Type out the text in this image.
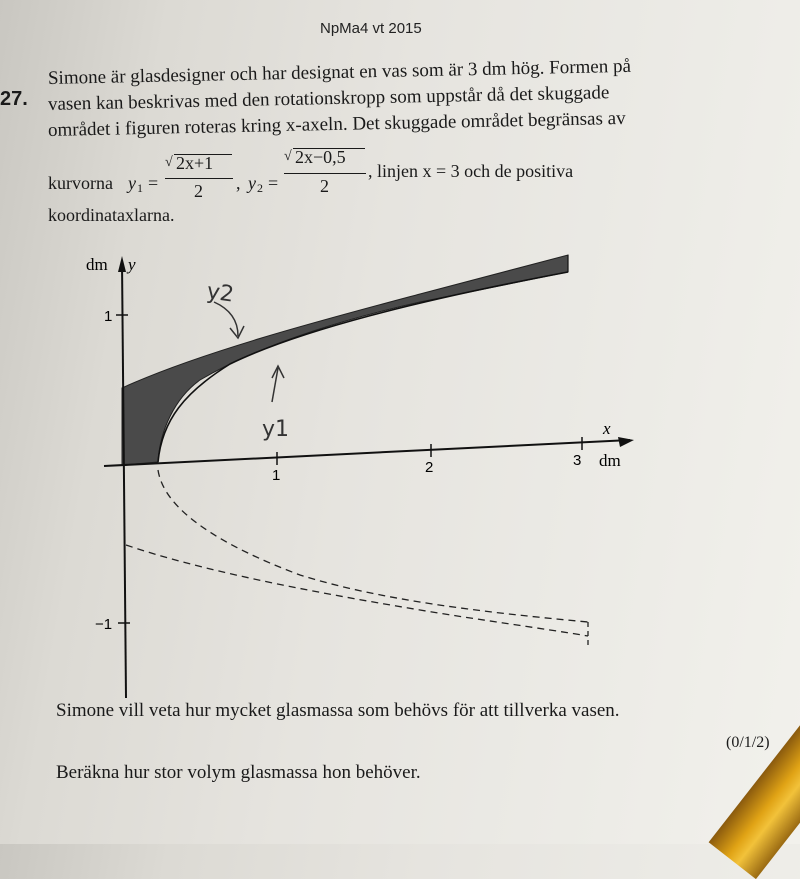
NpMa4 vt 2015
27.
Simone är glasdesigner och har designat en vas som är 3 dm hög. Formen på
vasen kan beskrivas med den rotationskropp som uppstår då det skuggade
området i figuren roteras kring x-axeln. Det skuggade området begränsas av
kurvorna y 1 =
√ 2x+1
2 , y 2 =
√ 2x−0,5
2
, linjen x = 3 och de positiva
koordinataxlarna.
dm y
x
dm
1	2	3
1
−1
y2
y1
Simone vill veta hur mycket glasmassa som behövs för att tillverka vasen.
(0/1/2)
Beräkna hur stor volym glasmassa hon behöver.
